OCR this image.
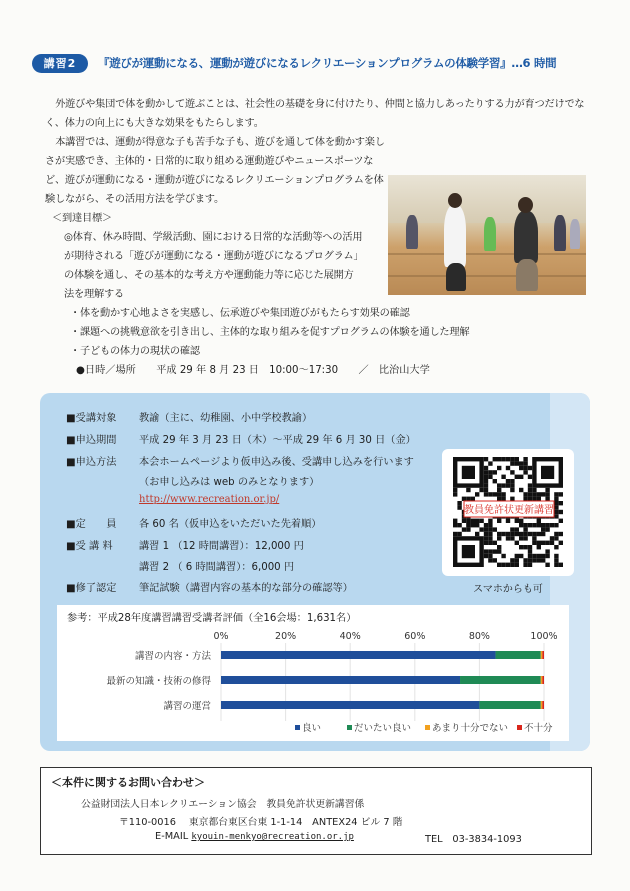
講習2	『遊びが運動になる、運動が遊びになるレクリエーションプログラムの体験学習』…6 時間

外遊びや集団で体を動かして遊ぶことは、社会性の基礎を身に付けたり、仲間と協力しあったりする力が育つだけでなく、体力の向上にも大きな効果をもたらします。

本講習では、運動が得意な子も苦手な子も、遊びを通して体を動かす楽しさが実感でき、主体的・日常的に取り組める運動遊びやニュースポーツなど、遊びが運動になる・運動が遊びになるレクリエーションプログラムを体験しながら、その活用方法を学びます。

＜到達目標＞
◎体育、休み時間、学級活動、園における日常的な活動等への活用
が期待される「遊びが運動になる・運動が遊びになるプログラム」
の体験を通し、その基本的な考え方や運動能力等に応じた展開方
法を理解する
・体を動かす心地よさを実感し、伝承遊びや集団遊びがもたらす効果の確認
・課題への挑戦意欲を引き出し、主体的な取り組みを促すプログラムの体験を通した理解
・子どもの体力の現状の確認
●日時／場所　　平成 29 年 8 月 23 日　10:00～17:30　　／　比治山大学
■受講対象 教諭（主に、幼稚園、小中学校教諭）
■申込期間 平成 29 年 3 月 23 日（木）～平成 29 年 6 月 30 日（金）
■申込方法 本会ホームページより仮申込み後、受講申し込みを行います
（お申し込みは web のみとなります）
http://www.recreation.or.jp/
■定　　員 各 60 名（仮申込をいただいた先着順）
■受 講 料	講習 1 （12 時間講習）：12,000 円
講習 2 （ 6 時間講習）：6,000 円
■修了認定 筆記試験（講習内容の基本的な部分の確認等）
教員免許状更新講習
スマホからも可
参考：平成28年度講習講習受講者評価（全16会場：1,631名）
0%	20%	40%	60%	80%	100%
講習の内容・方法
最新の知識・技術の修得
講習の運営
良い	だいたい良い あまり十分でない 不十分
＜本件に関するお問い合わせ＞
公益財団法人日本レクリエーション協会　教員免許状更新講習係
〒110-0016　 東京都台東区台東 1-1-14　ANTEX24 ビル 7 階
E-MAIL kyouin-menkyo@recreation.or.jp	TEL　03-3834-1093
